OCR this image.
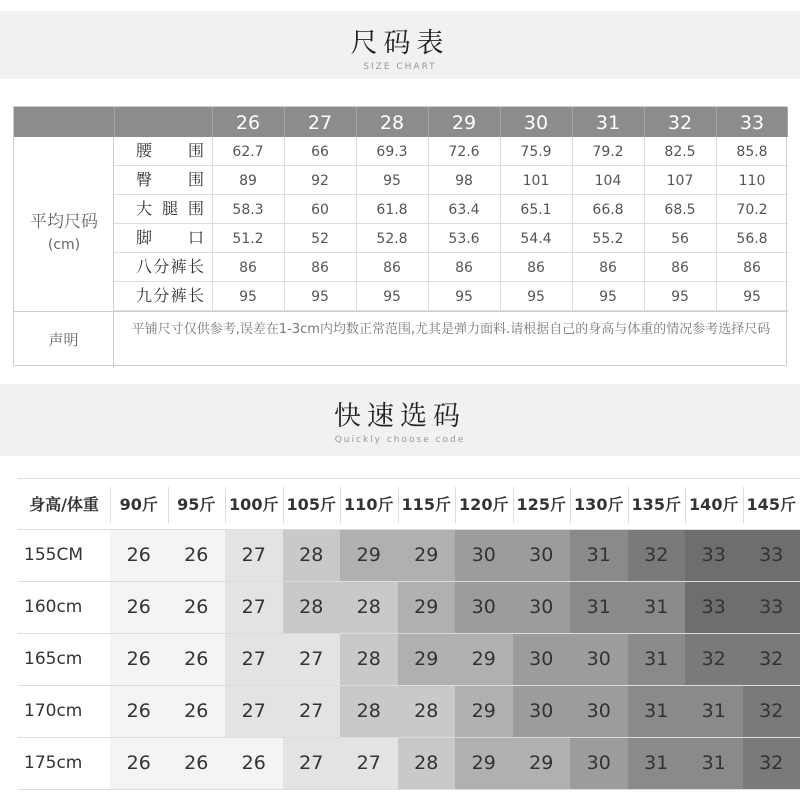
尺码表
SIZE CHART
26	27	28	29	30	31	32	33
平均尺码
(cm)
声明
平铺尺寸仅供参考,误差在1-3cm内均数正常范围,尤其是弹力面料.请根据自己的身高与体重的情况参考选择尺码
腰围	62.7	66	69.3	72.6	75.9	79.2	82.5	85.8
臀围	89	92	95	98	101	104	107	110
大腿围	58.3	60	61.8	63.4	65.1	66.8	68.5	70.2
脚口	51.2	52	52.8	53.6	54.4	55.2	56	56.8
八分裤长	86	86	86	86	86	86	86	86
九分裤长	95	95	95	95	95	95	95	95
快速选码
Quickly choose code
身高/体重	90斤	95斤 100斤 105斤 110斤 115斤 120斤 125斤 130斤 135斤 140斤 145斤
155CM	26	26	27	28	29	29	30	30	31	32	33	33
160cm	26	26	27	28	28	29	30	30	31	31	33	33
165cm	26	26	27	27	28	29	29	30	30	31	32	32
170cm	26	26	27	27	28	28	29	30	30	31	31	32
175cm	26	26	26	27	27	28	29	29	30	31	31	32
